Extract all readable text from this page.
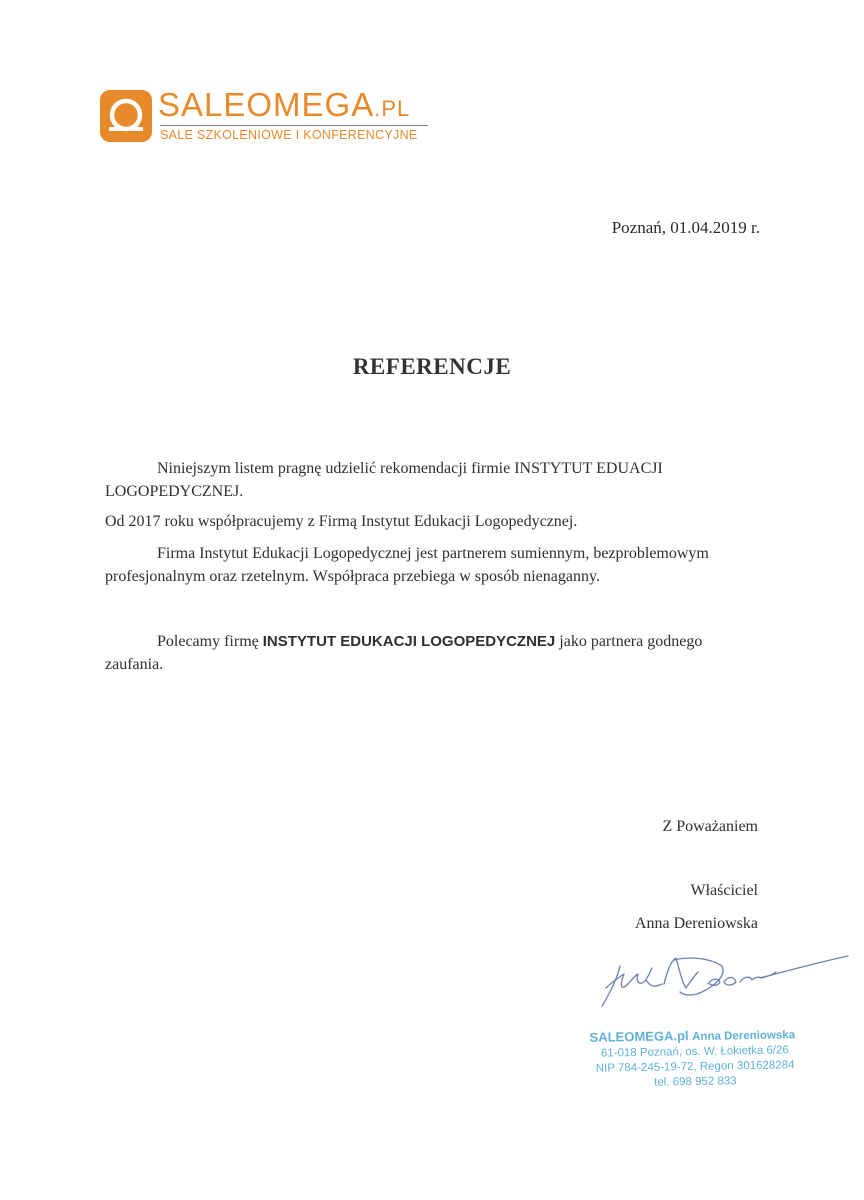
SALEOMEGA.PL
SALE SZKOLENIOWE I KONFERENCYJNE
Poznań, 01.04.2019 r.
REFERENCJE

Niniejszym listem pragnę udzielić rekomendacji firmie INSTYTUT EDUACJI LOGOPEDYCZNEJ.

Od 2017 roku współpracujemy z Firmą Instytut Edukacji Logopedycznej.

Firma Instytut Edukacji Logopedycznej jest partnerem sumiennym, bezproblemowym profesjonalnym oraz rzetelnym. Współpraca przebiega w sposób nienaganny.

Polecamy firmę INSTYTUT EDUKACJI LOGOPEDYCZNEJ jako partnera godnego zaufania.

Z Poważaniem
Właściciel
Anna Dereniowska
SALEOMEGA.pl Anna Dereniowska
61-018 Poznań, os. W. Łokietka 6/26
NIP 784-245-19-72, Regon 301628284
tel. 698 952 833
